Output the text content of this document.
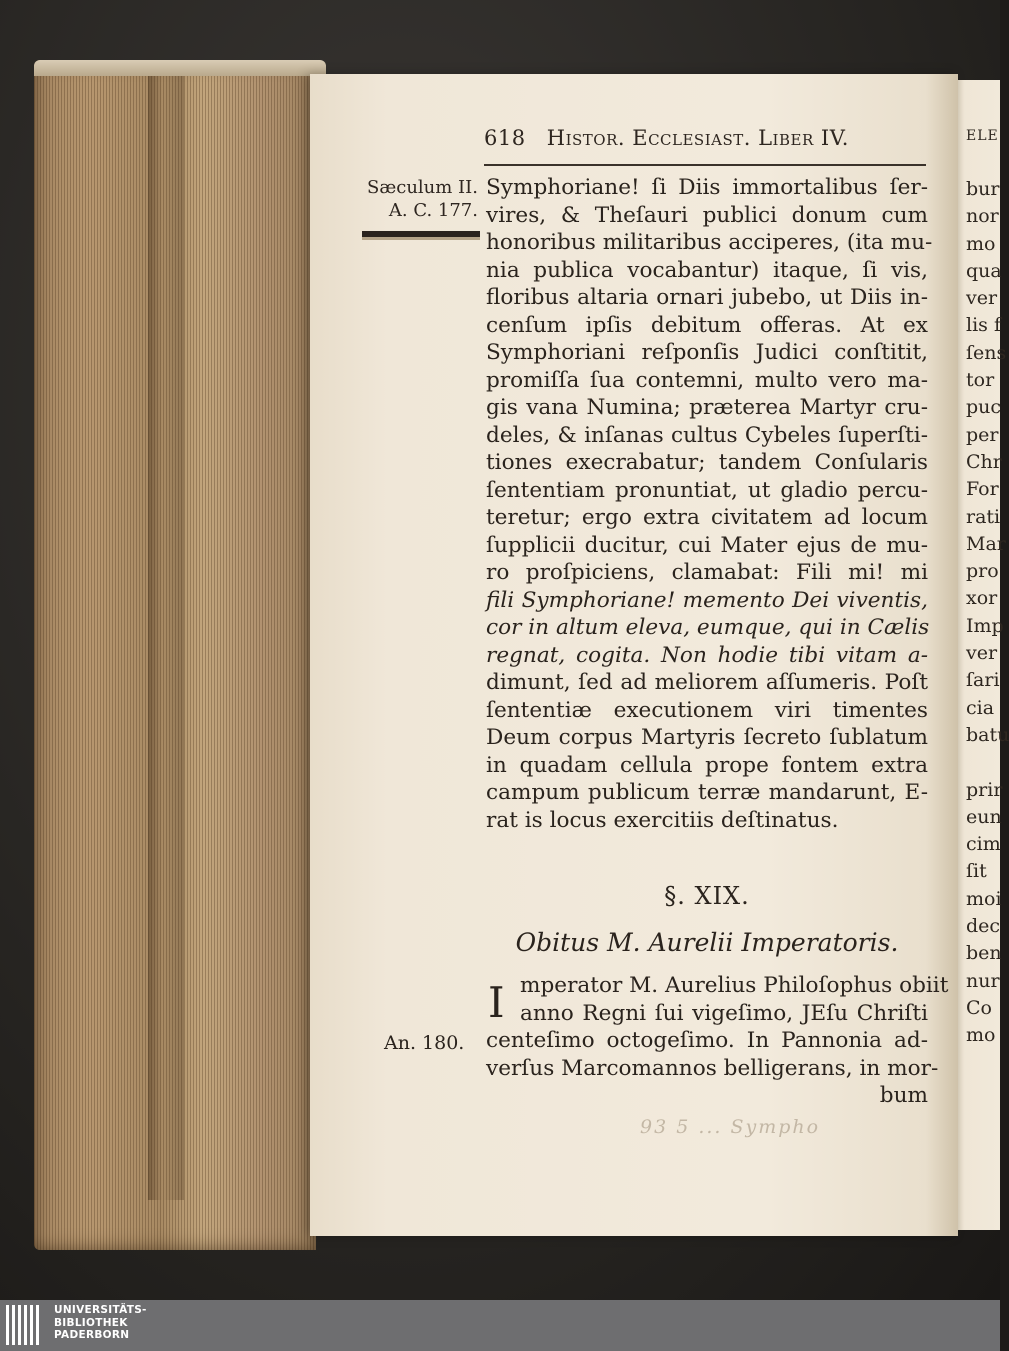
ELE
bur
nor
mo
qua
ver
lis f
ſens
tor
puc
per
Chr
For
rati
Mar
pro
xor
Imp
ver
ſari
cia
batu
prir
eun
cim
ſit
moi
dec
ben
nur
Co
mo
618 Histor. Ecclesiast. Liber IV.
Sæculum II.
A. C. 177.
Symphoriane! ſi Diis immortalibus ſer-
vires, & Theſauri publici donum cum
honoribus militaribus acciperes, (ita mu-
nia publica vocabantur) itaque, ſi vis,
floribus altaria ornari jubebo, ut Diis in-
cenſum ipſis debitum offeras. At ex
Symphoriani reſponſis Judici conſtitit,
promiſſa ſua contemni, multo vero ma-
gis vana Numina; præterea Martyr cru-
deles, & inſanas cultus Cybeles ſuperſti-
tiones execrabatur; tandem Conſularis
ſententiam pronuntiat, ut gladio percu-
teretur; ergo extra civitatem ad locum
ſupplicii ducitur, cui Mater ejus de mu-
ro proſpiciens, clamabat: Fili mi! mi
fili Symphoriane! memento Dei viventis,
cor in altum eleva, eumque, qui in Cælis
regnat, cogita. Non hodie tibi vitam a-
dimunt, ſed ad meliorem aſſumeris. Poſt
ſententiæ executionem viri timentes
Deum corpus Martyris ſecreto ſublatum
in quadam cellula prope fontem extra
campum publicum terræ mandarunt, E-
rat is locus exercitiis deſtinatus.
§. XIX.
Obitus M. Aurelii Imperatoris.
I mperator M. Aurelius Philoſophus obiit
anno Regni ſui vigeſimo, JEſu Chriſti
centeſimo octogeſimo. In Pannonia ad-
verſus Marcomannos belligerans, in mor-
bum
An. 180.
93 5 ... Sympho
UNIVERSITÄTS-
BIBLIOTHEK
PADERBORN
